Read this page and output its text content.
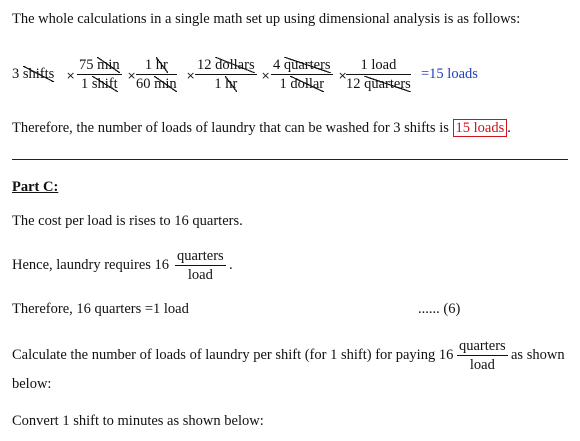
The whole calculations in a single math set up using dimensional analysis is as follows:
3 shifts ×
75 min
1 shift
×
1 hr
60 min
×
12 dollars
1 hr
×
4 quarters
1 dollar
×
1 load
12 quarters
=15 loads
Therefore, the number of loads of laundry that can be washed for 3 shifts is 15 loads .
Part C:
The cost per load is rises to 16 quarters.
Hence, laundry requires 16
quarters
load
.
Therefore, 16 quarters =1 load	...... (6)
Calculate the number of loads of laundry per shift (for 1 shift) for paying 16
quarters
load
as shown
below:
Convert 1 shift to minutes as shown below:
